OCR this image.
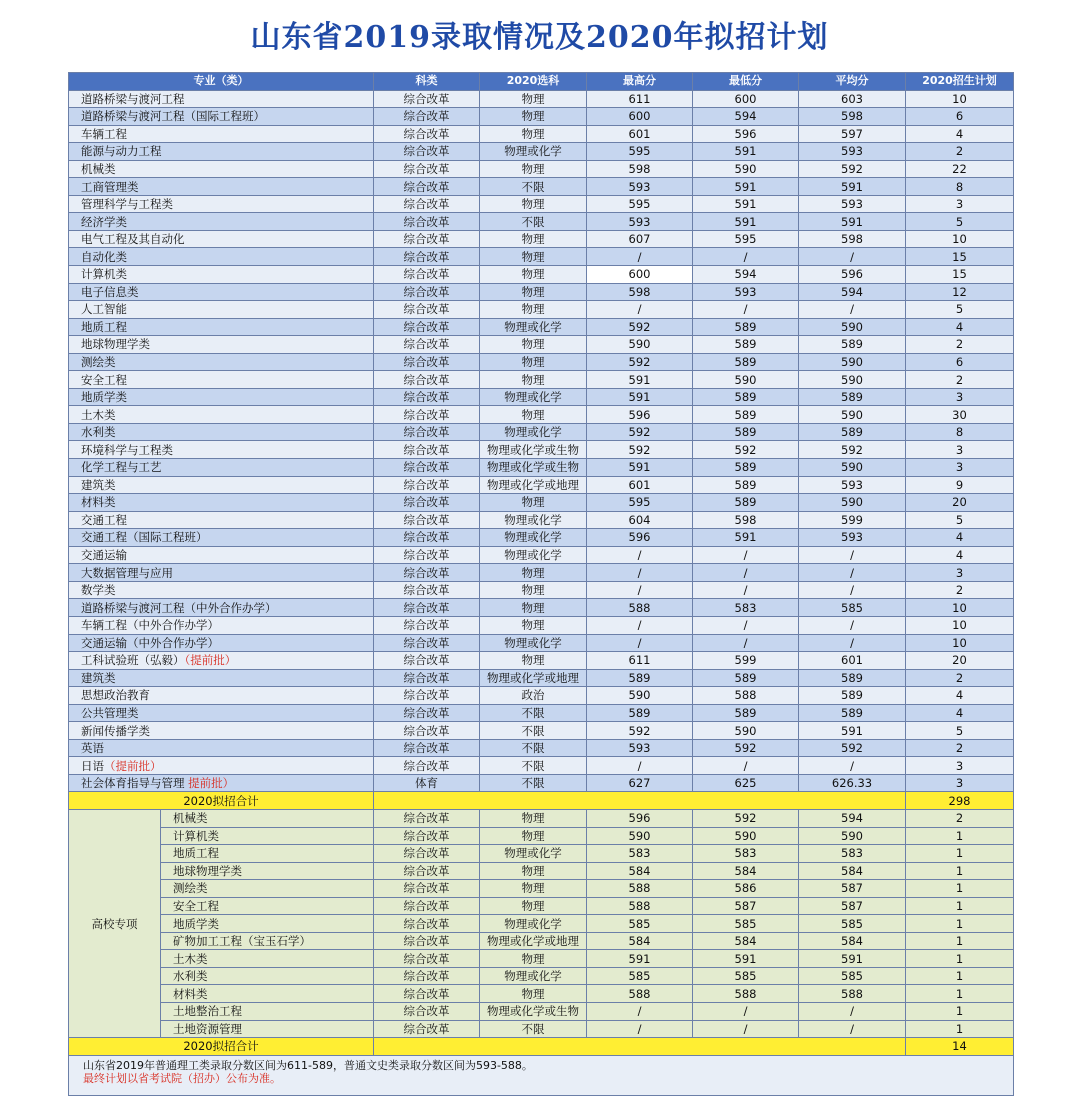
山东省2019录取情况及2020年拟招计划
专业（类）		科类	2020选科	最高分	最低分	平均分	2020招生计划
道路桥梁与渡河工程		综合改革	物理	611	600	603	10
道路桥梁与渡河工程（国际工程班）		综合改革	物理	600	594	598	6
车辆工程		综合改革	物理	601	596	597	4
能源与动力工程		综合改革	物理或化学	595	591	593	2
机械类		综合改革	物理	598	590	592	22
工商管理类		综合改革	不限	593	591	591	8
管理科学与工程类		综合改革	物理	595	591	593	3
经济学类		综合改革	不限	593	591	591	5
电气工程及其自动化		综合改革	物理	607	595	598	10
自动化类		综合改革	物理	/	/	/	15
计算机类		综合改革	物理	600	594	596	15
电子信息类		综合改革	物理	598	593	594	12
人工智能		综合改革	物理	/	/	/	5
地质工程		综合改革	物理或化学	592	589	590	4
地球物理学类		综合改革	物理	590	589	589	2
测绘类		综合改革	物理	592	589	590	6
安全工程		综合改革	物理	591	590	590	2
地质学类		综合改革	物理或化学	591	589	589	3
土木类		综合改革	物理	596	589	590	30
水利类		综合改革	物理或化学	592	589	589	8
环境科学与工程类		综合改革	物理或化学或生物	592	592	592	3
化学工程与工艺		综合改革	物理或化学或生物	591	589	590	3
建筑类		综合改革	物理或化学或地理	601	589	593	9
材料类		综合改革	物理	595	589	590	20
交通工程		综合改革	物理或化学	604	598	599	5
交通工程（国际工程班）		综合改革	物理或化学	596	591	593	4
交通运输		综合改革	物理或化学	/	/	/	4
大数据管理与应用		综合改革	物理	/	/	/	3
数学类		综合改革	物理	/	/	/	2
道路桥梁与渡河工程（中外合作办学）		综合改革	物理	588	583	585	10
车辆工程（中外合作办学）		综合改革	物理	/	/	/	10
交通运输（中外合作办学）		综合改革	物理或化学	/	/	/	10
工科试验班（弘毅）（提前批）		综合改革	物理	611	599	601	20
建筑类		综合改革	物理或化学或地理	589	589	589	2
思想政治教育		综合改革	政治	590	588	589	4
公共管理类		综合改革	不限	589	589	589	4
新闻传播学类		综合改革	不限	592	590	591	5
英语		综合改革	不限	593	592	592	2
日语（提前批）		综合改革	不限	/	/	/	3
社会体育指导与管理 提前批）		体育	不限	627	625	626.33	3
2020拟招合计							298
高校专项	机械类	综合改革	物理	596	592	594	2
	计算机类	综合改革	物理	590	590	590	1
	地质工程	综合改革	物理或化学	583	583	583	1
	地球物理学类	综合改革	物理	584	584	584	1
	测绘类	综合改革	物理	588	586	587	1
	安全工程	综合改革	物理	588	587	587	1
	地质学类	综合改革	物理或化学	585	585	585	1
	矿物加工工程（宝玉石学）	综合改革	物理或化学或地理	584	584	584	1
	土木类	综合改革	物理	591	591	591	1
	水利类	综合改革	物理或化学	585	585	585	1
	材料类	综合改革	物理	588	588	588	1
	土地整治工程	综合改革	物理或化学或生物	/	/	/	1
	土地资源管理	综合改革	不限	/	/	/	1
2020拟招合计							14

山东省2019年普通理工类录取分数区间为611-589，普通文史类录取分数区间为593-588。
最终计划以省考试院（招办）公布为准。							
